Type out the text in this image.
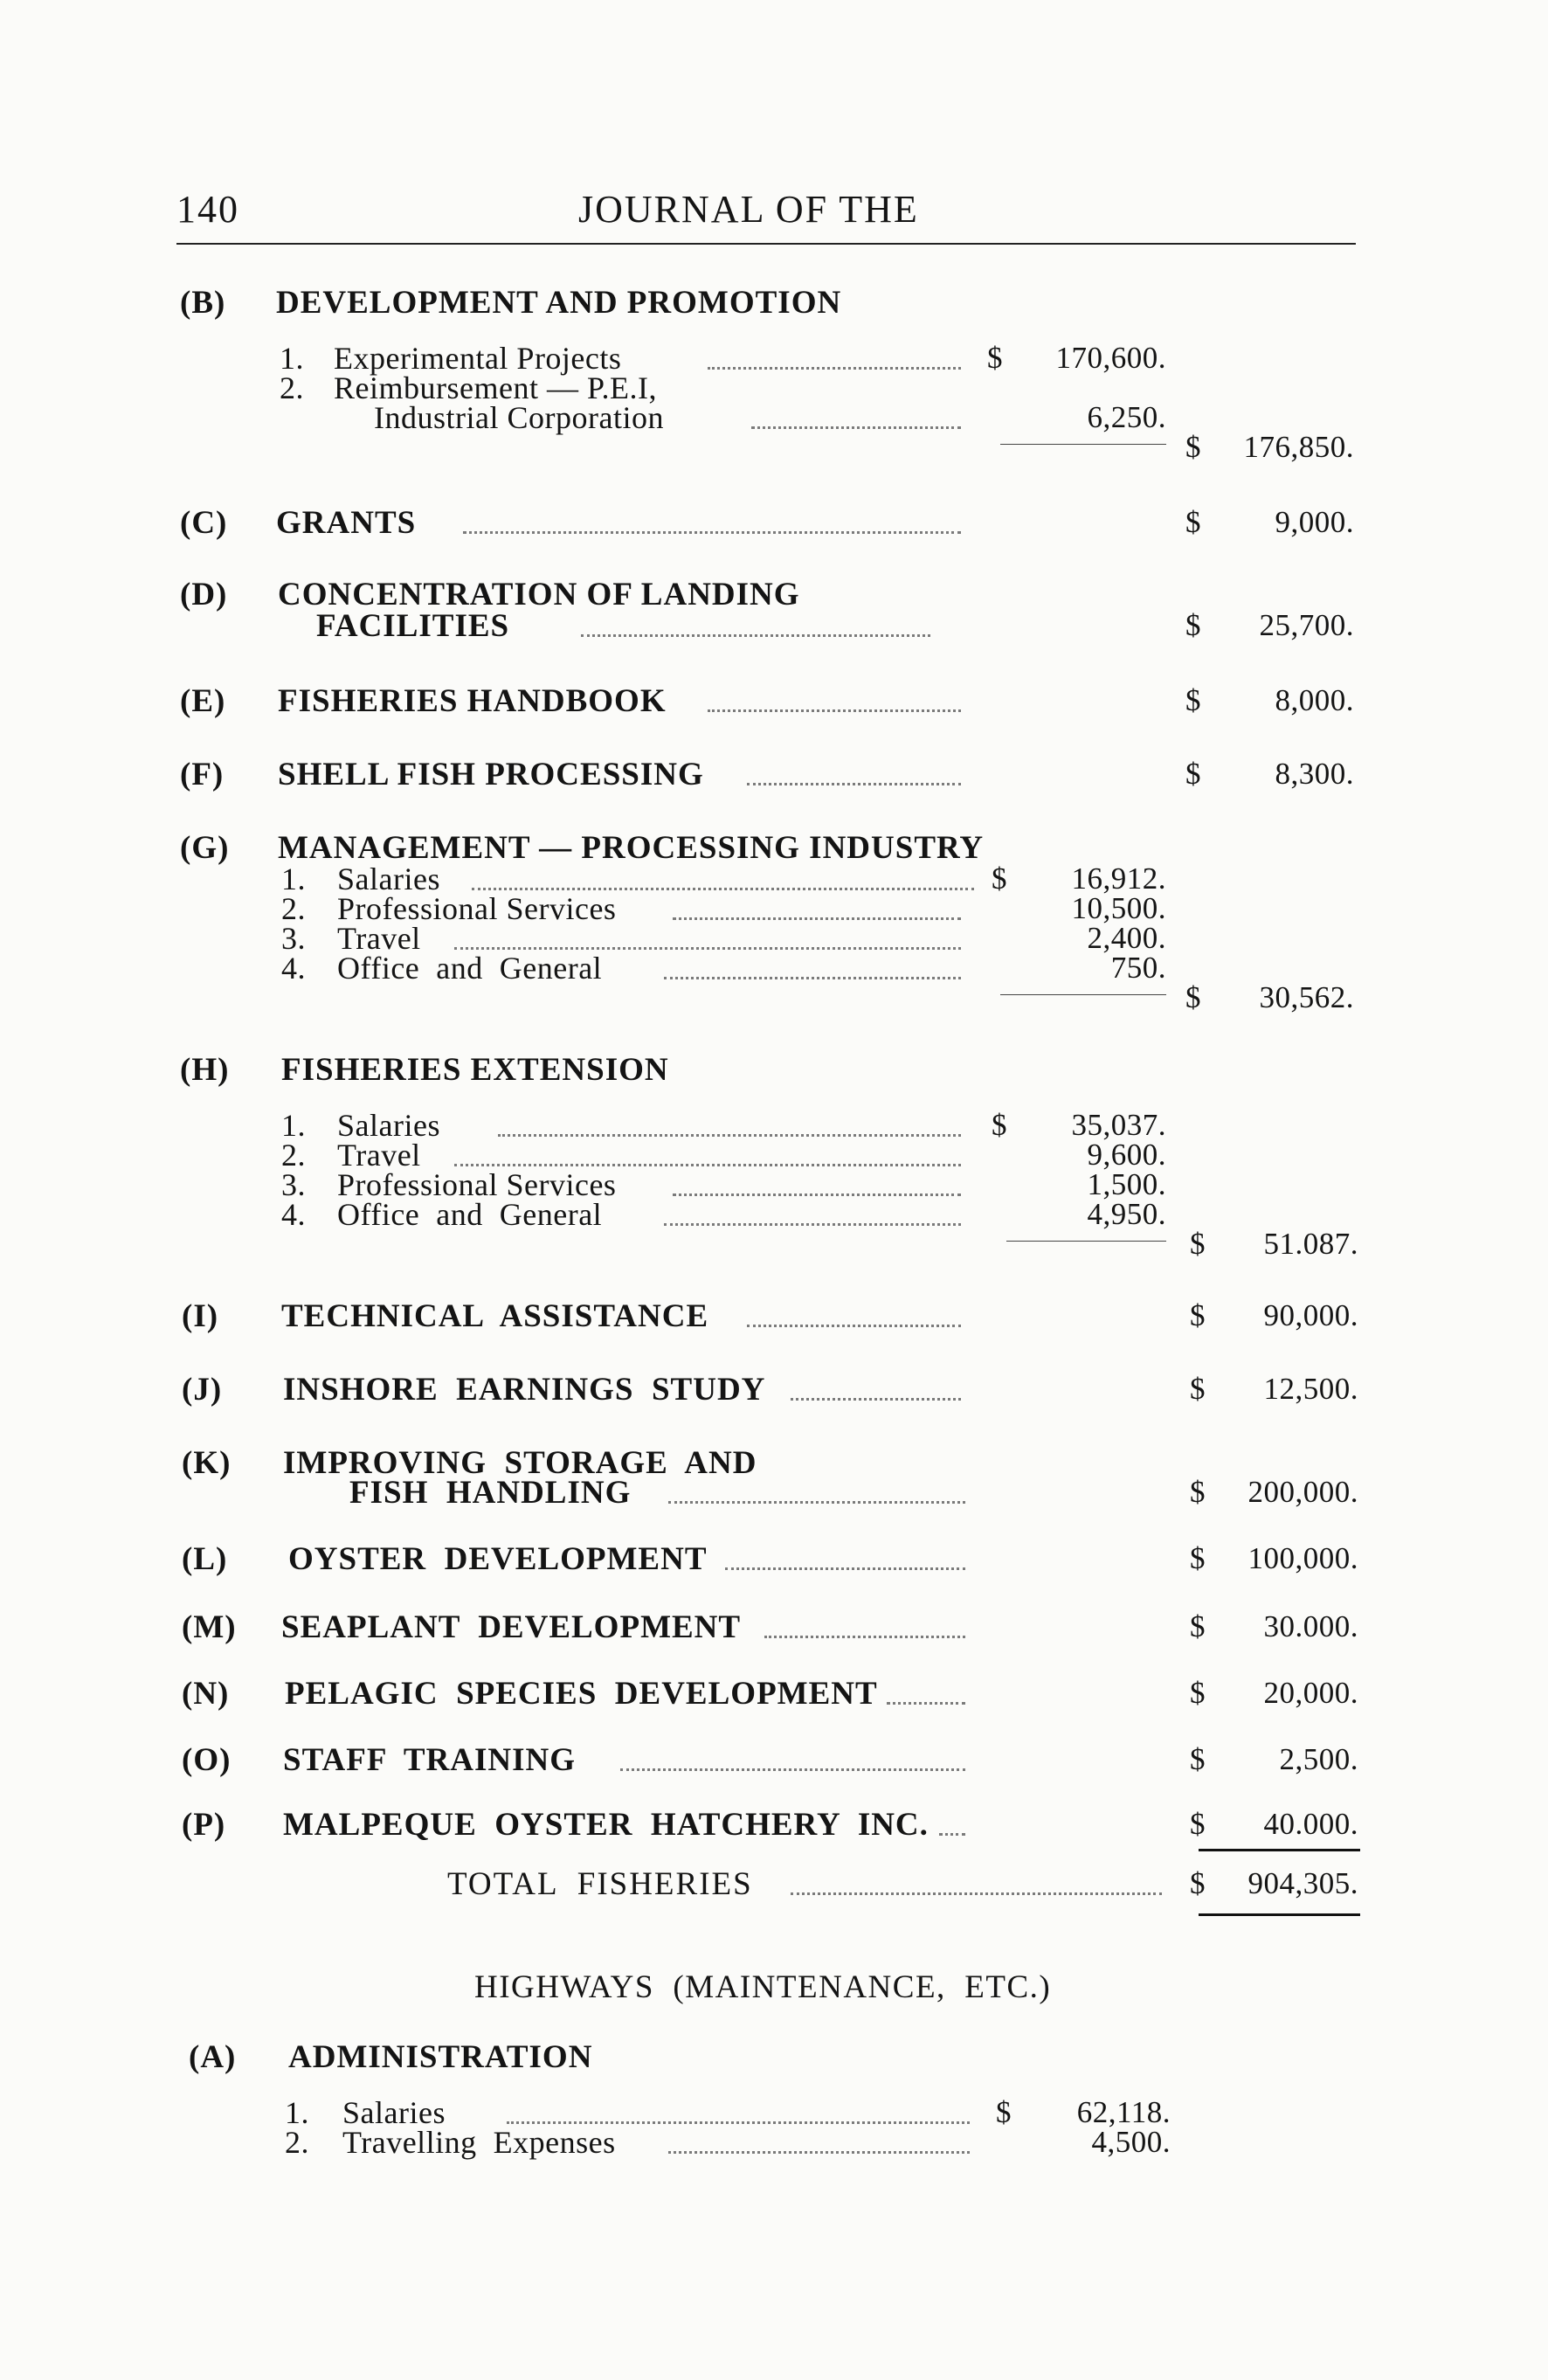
140	JOURNAL OF THE
(B) DEVELOPMENT AND PROMOTION
1. Experimental Projects	$	170,600.
2. Reimbursement — P.E.I,
Industrial Corporation	6,250.
$	176,850.
(C) GRANTS	$	9,000.
(D) CONCENTRATION OF LANDING
FACILITIES	$	25,700.
(E) FISHERIES HANDBOOK	$	8,000.
(F) SHELL FISH PROCESSING	$	8,300.
(G) MANAGEMENT — PROCESSING INDUSTRY
1. Salaries	$	16,912.
2. Professional Services	10,500.
3. Travel	2,400.
4. Office  and  General	750.
$	30,562.
(H) FISHERIES EXTENSION
1. Salaries	$	35,037.
2. Travel	9,600.
3. Professional Services	1,500.
4. Office  and  General	4,950.
$	51.087.
(I) TECHNICAL  ASSISTANCE	$	90,000.
(J) INSHORE  EARNINGS  STUDY	$	12,500.
(K) IMPROVING  STORAGE  AND
FISH  HANDLING	$	200,000.
(L) OYSTER  DEVELOPMENT	$	100,000.
(M) SEAPLANT  DEVELOPMENT	$	30.000.
(N) PELAGIC  SPECIES  DEVELOPMENT	$	20,000.
(O) STAFF  TRAINING	$	2,500.
(P) MALPEQUE  OYSTER  HATCHERY  INC.	$	40.000.
TOTAL  FISHERIES	$	904,305.
HIGHWAYS  (MAINTENANCE,  ETC.)
(A) ADMINISTRATION
1. Salaries	$	62,118.
2. Travelling  Expenses	4,500.
